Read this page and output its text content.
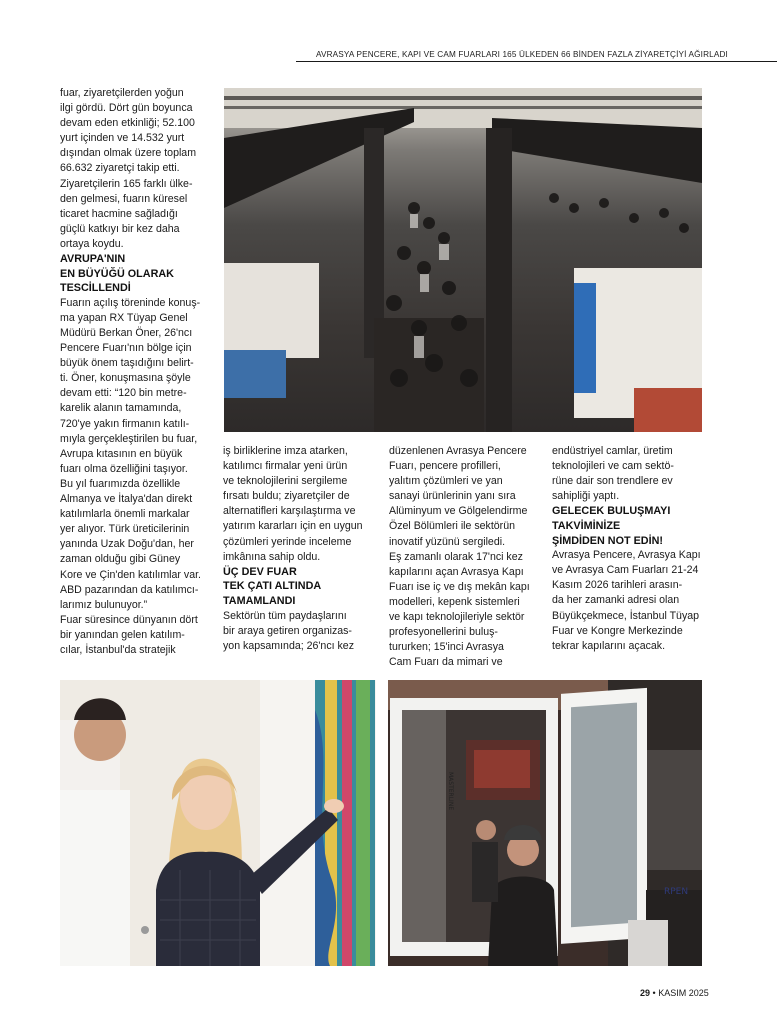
AVRASYA PENCERE, KAPI VE CAM FUARLARI 165 ÜLKEDEN 66 BİNDEN FAZLA ZİYARETÇİYİ AĞIRLADI

fuar, ziyaretçilerden yoğun
ilgi gördü. Dört gün boyunca
devam eden etkinliği; 52.100
yurt içinden ve 14.532 yurt
dışından olmak üzere toplam
66.632 ziyaretçi takip etti.
Ziyaretçilerin 165 farklı ülke-
den gelmesi, fuarın küresel
ticaret hacmine sağladığı
güçlü katkıyı bir kez daha
ortaya koydu.

AVRUPA'NIN
EN BÜYÜĞÜ OLARAK
TESCİLLENDİ

Fuarın açılış töreninde konuş-
ma yapan RX Tüyap Genel
Müdürü Berkan Öner, 26'ncı
Pencere Fuarı'nın bölge için
büyük önem taşıdığını belirt-
ti. Öner, konuşmasına şöyle
devam etti: “120 bin metre-
karelik alanın tamamında,
720'ye yakın firmanın katılı-
mıyla gerçekleştirilen bu fuar,
Avrupa kıtasının en büyük
fuarı olma özelliğini taşıyor.
Bu yıl fuarımızda özellikle
Almanya ve İtalya'dan direkt
katılımlarla önemli markalar
yer alıyor. Türk üreticilerinin
yanında Uzak Doğu'dan, her
zaman olduğu gibi Güney
Kore ve Çin'den katılımlar var.
ABD pazarından da katılımcı-
larımız bulunuyor.”
Fuar süresince dünyanın dört
bir yanından gelen katılım-
cılar, İstanbul'da stratejik

iş birliklerine imza atarken,
katılımcı firmalar yeni ürün
ve teknolojilerini sergileme
fırsatı buldu; ziyaretçiler de
alternatifleri karşılaştırma ve
yatırım kararları için en uygun
çözümleri yerinde inceleme
imkânına sahip oldu.

ÜÇ DEV FUAR
TEK ÇATI ALTINDA
TAMAMLANDI

Sektörün tüm paydaşlarını
bir araya getiren organizas-
yon kapsamında; 26'ncı kez

düzenlenen Avrasya Pencere
Fuarı, pencere profilleri,
yalıtım çözümleri ve yan
sanayi ürünlerinin yanı sıra
Alüminyum ve Gölgelendirme
Özel Bölümleri ile sektörün
inovatif yüzünü sergiledi.
Eş zamanlı olarak 17'nci kez
kapılarını açan Avrasya Kapı
Fuarı ise iç ve dış mekân kapı
modelleri, kepenk sistemleri
ve kapı teknolojileriyle sektör
profesyonellerini buluş-
tururken; 15'inci Avrasya
Cam Fuarı da mimari ve

endüstriyel camlar, üretim
teknolojileri ve cam sektö-
rüne dair son trendlere ev
sahipliği yaptı.

GELECEK BULUŞMAYI
TAKVİMİNİZE
ŞİMDİDEN NOT EDİN!

Avrasya Pencere, Avrasya Kapı
ve Avrasya Cam Fuarları 21-24
Kasım 2026 tarihleri arasın-
da her zamanki adresi olan
Büyükçekmece, İstanbul Tüyap
Fuar ve Kongre Merkezinde
tekrar kapılarını açacak.

MASTERLINE
RPEN
29 • KASIM 2025
